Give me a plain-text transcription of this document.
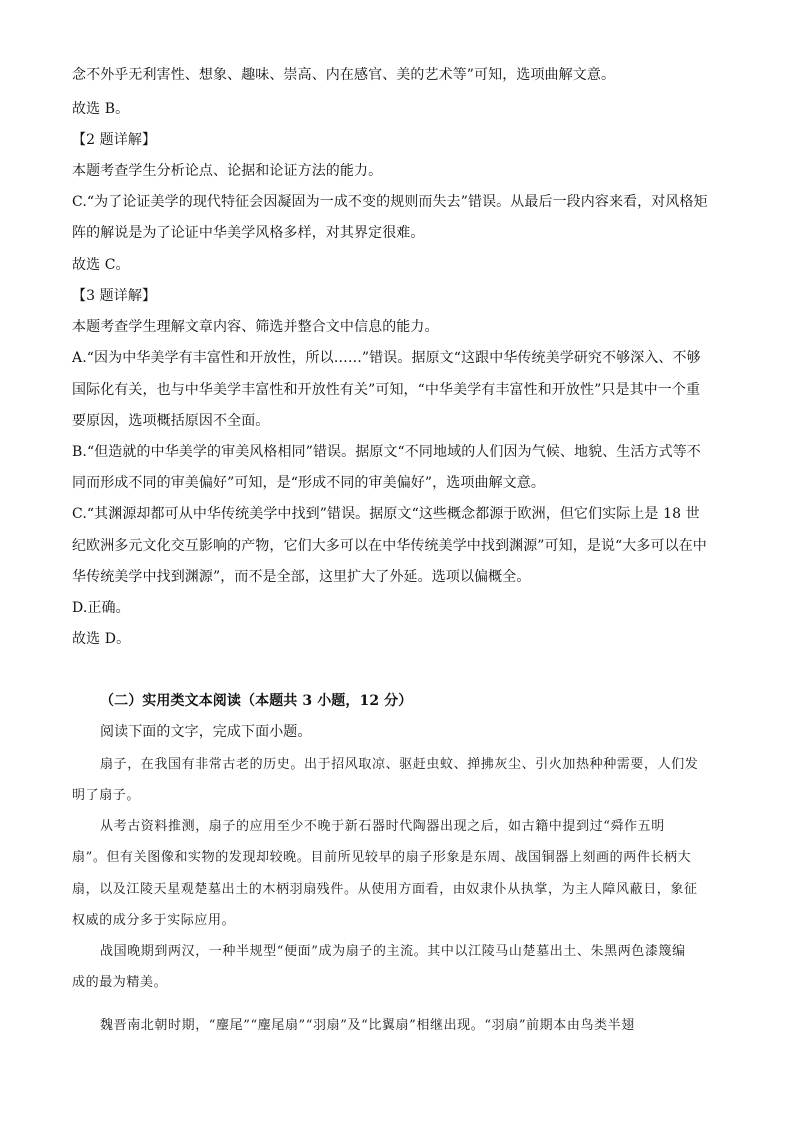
念不外乎无利害性、想象、趣味、崇高、内在感官、美的艺术等”可知，选项曲解文意。
故选 B。
【2 题详解】
本题考查学生分析论点、论据和论证方法的能力。
C.“为了论证美学的现代特征会因凝固为一成不变的规则而失去”错误。从最后一段内容来看，对风格矩
阵的解说是为了论证中华美学风格多样，对其界定很难。
故选 C。
【3 题详解】
本题考查学生理解文章内容、筛选并整合文中信息的能力。
A.“因为中华美学有丰富性和开放性，所以……”错误。据原文“这跟中华传统美学研究不够深入、不够
国际化有关，也与中华美学丰富性和开放性有关”可知，“中华美学有丰富性和开放性”只是其中一个重
要原因，选项概括原因不全面。
B.“但造就的中华美学的审美风格相同”错误。据原文“不同地域的人们因为气候、地貌、生活方式等不
同而形成不同的审美偏好”可知，是“形成不同的审美偏好”，选项曲解文意。
C.“其渊源却都可从中华传统美学中找到”错误。据原文“这些概念都源于欧洲，但它们实际上是 18 世
纪欧洲多元文化交互影响的产物，它们大多可以在中华传统美学中找到渊源”可知，是说“大多可以在中
华传统美学中找到渊源”，而不是全部，这里扩大了外延。选项以偏概全。
D.正确。
故选 D。
（二）实用类文本阅读（本题共 3 小题，12 分）
阅读下面的文字，完成下面小题。
扇子，在我国有非常古老的历史。出于招风取凉、驱赶虫蚊、掸拂灰尘、引火加热种种需要，人们发
明了扇子。
从考古资料推测，扇子的应用至少不晚于新石器时代陶器出现之后，如古籍中提到过“舜作五明
扇”。但有关图像和实物的发现却较晚。目前所见较早的扇子形象是东周、战国铜器上刻画的两件长柄大
扇，以及江陵天星观楚墓出土的木柄羽扇残件。从使用方面看，由奴隶仆从执掌，为主人障风蔽日，象征
权威的成分多于实际应用。
战国晚期到两汉，一种半规型“便面”成为扇子的主流。其中以江陵马山楚墓出土、朱黑两色漆篾编
成的最为精美。
魏晋南北朝时期，“麈尾”“麈尾扇”“羽扇”及“比翼扇”相继出现。“羽扇”前期本由鸟类半翅
